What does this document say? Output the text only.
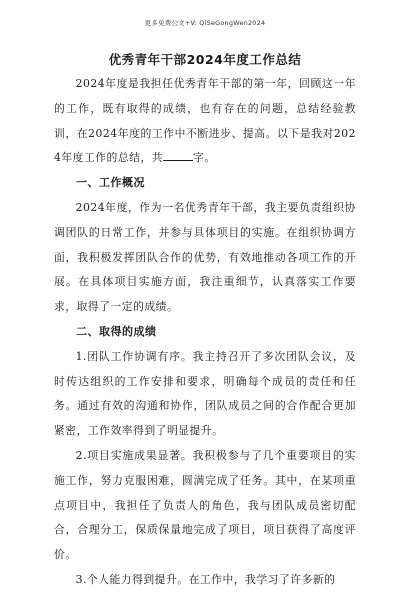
更多免费公文+V: QiSeGongWen2024
优秀青年干部2024年度工作总结

2024年度是我担任优秀青年干部的第一年，回顾这一年的工作，既有取得的成绩，也有存在的问题，总结经验教训，在2024年度的工作中不断进步、提高。以下是我对2024年度工作的总结，共	字。

一、工作概况

2024年度，作为一名优秀青年干部，我主要负责组织协调团队的日常工作，并参与具体项目的实施。在组织协调方面，我积极发挥团队合作的优势，有效地推动各项工作的开展。在具体项目实施方面，我注重细节，认真落实工作要求，取得了一定的成绩。

二、取得的成绩

1.团队工作协调有序。我主持召开了多次团队会议，及时传达组织的工作安排和要求，明确每个成员的责任和任务。通过有效的沟通和协作，团队成员之间的合作配合更加紧密，工作效率得到了明显提升。

2.项目实施成果显著。我积极参与了几个重要项目的实施工作，努力克服困难，圆满完成了任务。其中，在某项重点项目中，我担任了负责人的角色，我与团队成员密切配合，合理分工，保质保量地完成了项目，项目获得了高度评价。

3.个人能力得到提升。在工作中，我学习了许多新的
